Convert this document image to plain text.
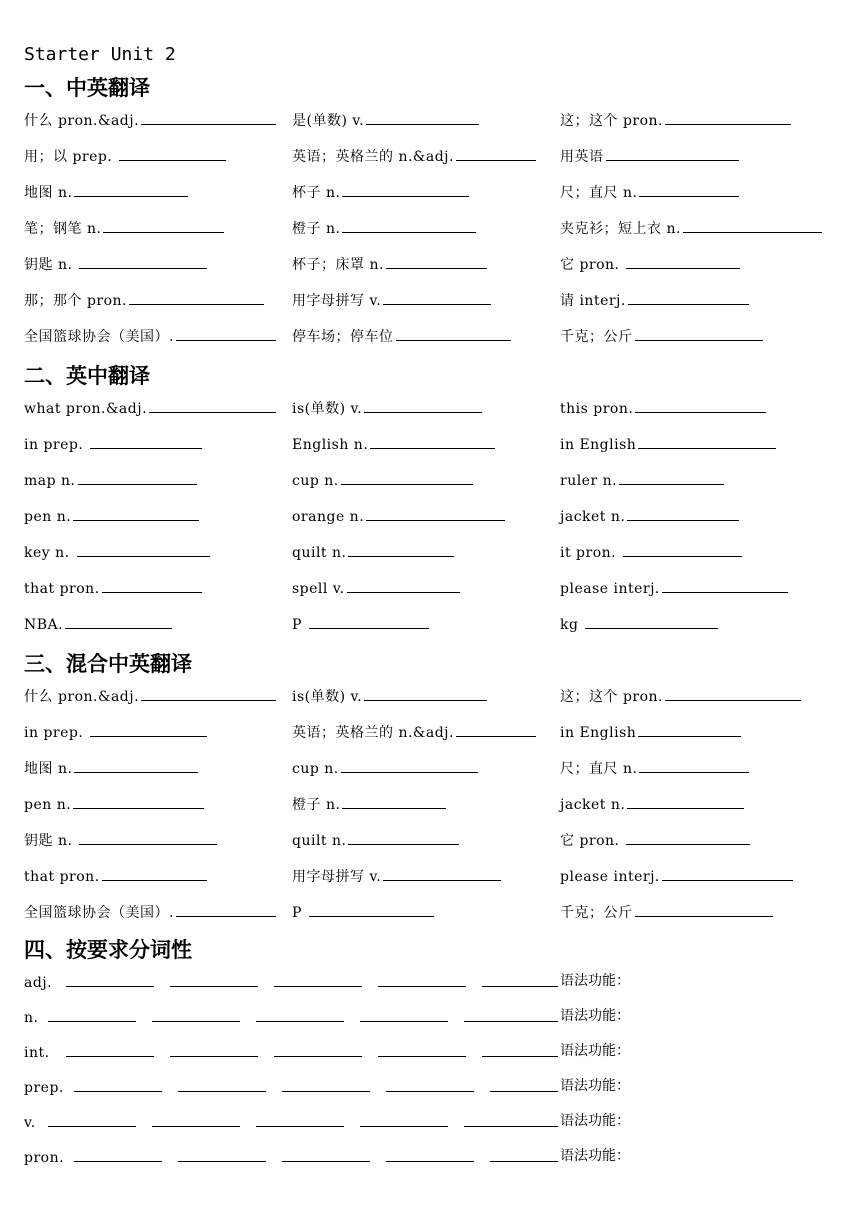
Starter Unit 2
一、中英翻译
二、英中翻译
三、混合中英翻译
四、按要求分词性
什么 pron.&adj.	是(单数) v.	这；这个 pron.
用；以 prep.	英语；英格兰的 n.&adj.	用英语
地图 n.	杯子 n.	尺；直尺 n.
笔；钢笔 n.	橙子 n.	夹克衫；短上衣 n.
钥匙 n.	杯子；床罩 n.	它 pron.
那；那个 pron.	用字母拼写 v.	请 interj.
全国篮球协会（美国）.	停车场；停车位	千克；公斤
what pron.&adj.	is(单数) v.	this pron.
in prep.	English n.	in English
map n.	cup n.	ruler n.
pen n.	orange n.	jacket n.
key n.	quilt n.	it pron.
that pron.	spell v.	please interj.
NBA.	P	kg
什么 pron.&adj.	is(单数) v.	这；这个 pron.
in prep.	英语；英格兰的 n.&adj.	in English
地图 n.	cup n.	尺；直尺 n.
pen n.	橙子 n.	jacket n.
钥匙 n.	quilt n.	它 pron.
that pron.	用字母拼写 v.	please interj.
全国篮球协会（美国）.	P	千克；公斤
adj.	语法功能：
n.	语法功能：
int.	语法功能：
prep.	语法功能：
v.	语法功能：
pron.	语法功能：
